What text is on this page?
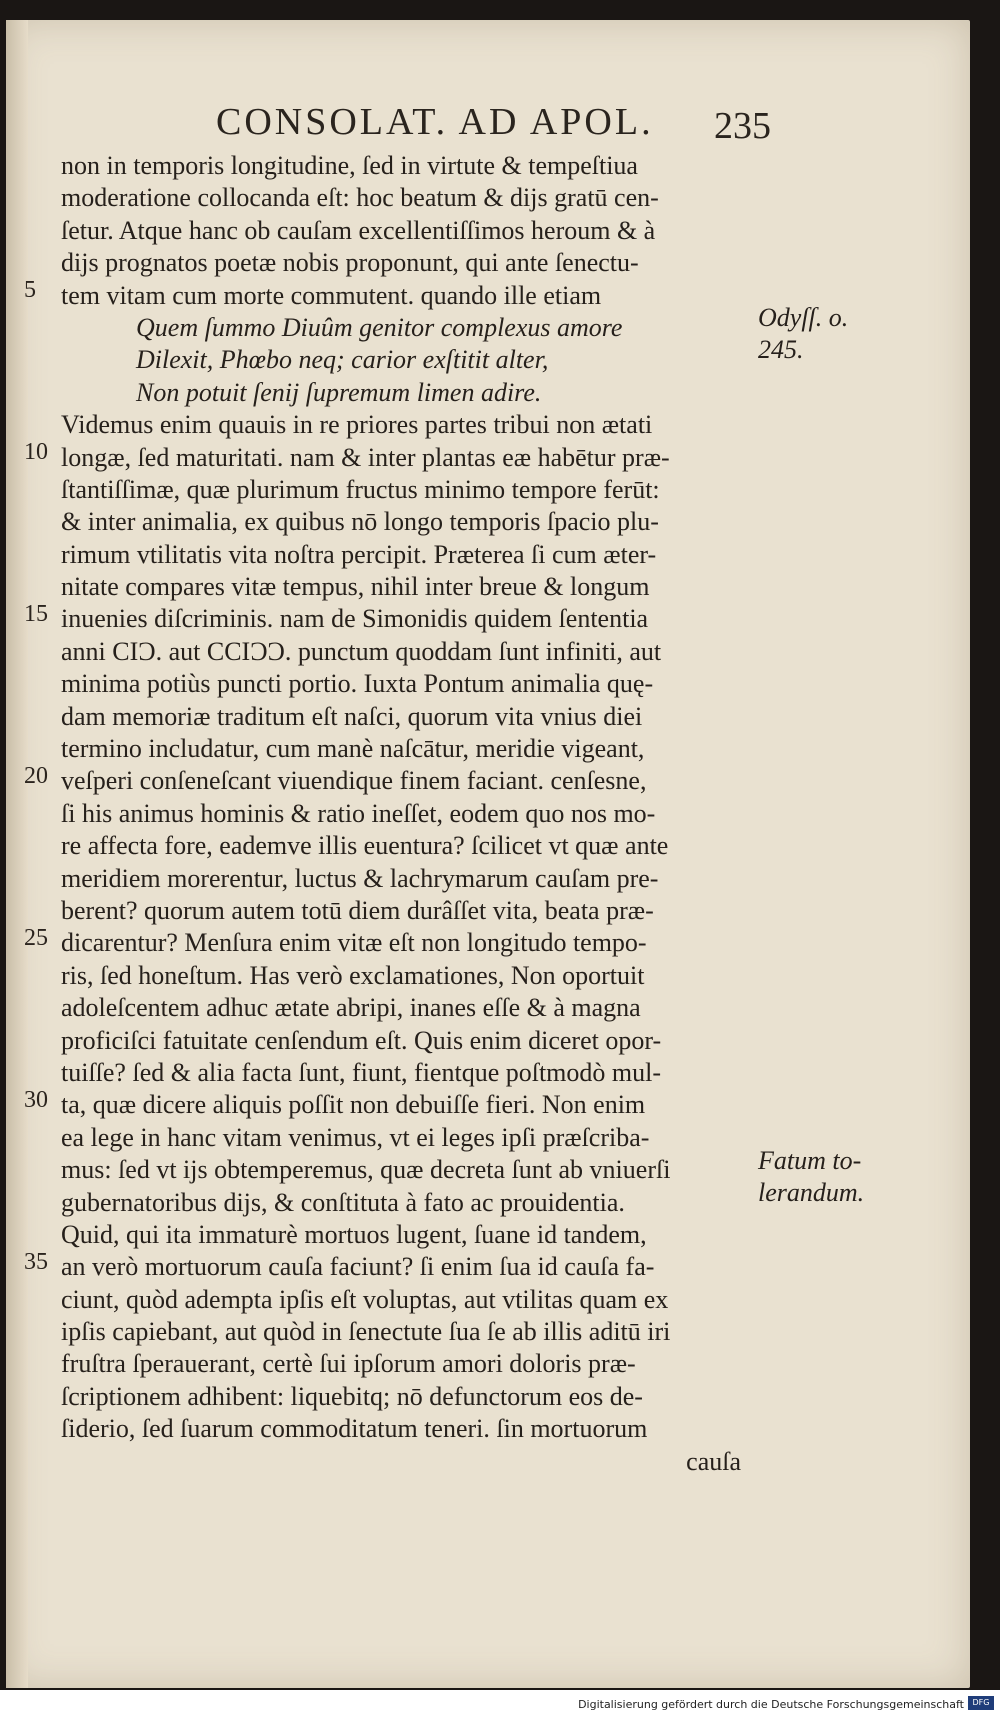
CONSOLAT. AD APOL. 235
non in temporis longitudine, ſed in virtute & tempeſtiua
moderatione collocanda eſt: hoc beatum & dijs gratū cen-
ſetur. Atque hanc ob cauſam excellentiſſimos heroum & à
dijs prognatos poetæ nobis proponunt, qui ante ſenectu-
tem vitam cum morte commutent. quando ille etiam
Quem ſummo Diuûm genitor complexus amore
Dilexit, Phœbo neq; carior exſtitit alter,
Non potuit ſenij ſupremum limen adire.
Videmus enim quauis in re priores partes tribui non ætati
longæ, ſed maturitati. nam & inter plantas eæ habētur præ-
ſtantiſſimæ, quæ plurimum fructus minimo tempore ferūt:
& inter animalia, ex quibus nō longo temporis ſpacio plu-
rimum vtilitatis vita noſtra percipit. Præterea ſi cum æter-
nitate compares vitæ tempus, nihil inter breue & longum
inuenies diſcriminis. nam de Simonidis quidem ſententia
anni CIƆ. aut CCIƆƆ. punctum quoddam ſunt infiniti, aut
minima potiùs puncti portio. Iuxta Pontum animalia quę-
dam memoriæ traditum eſt naſci, quorum vita vnius diei
termino includatur, cum manè naſcātur, meridie vigeant,
veſperi conſeneſcant viuendique finem faciant. cenſesne,
ſi his animus hominis & ratio ineſſet, eodem quo nos mo-
re affecta fore, eademve illis euentura? ſcilicet vt quæ ante
meridiem morerentur, luctus & lachrymarum cauſam pre-
berent? quorum autem totū diem durâſſet vita, beata præ-
dicarentur? Menſura enim vitæ eſt non longitudo tempo-
ris, ſed honeſtum. Has verò exclamationes, Non oportuit
adoleſcentem adhuc ætate abripi, inanes eſſe & à magna
proficiſci fatuitate cenſendum eſt. Quis enim diceret opor-
tuiſſe? ſed & alia facta ſunt, fiunt, fientque poſtmodò mul-
ta, quæ dicere aliquis poſſit non debuiſſe fieri. Non enim
ea lege in hanc vitam venimus, vt ei leges ipſi præſcriba-
mus: ſed vt ijs obtemperemus, quæ decreta ſunt ab vniuerſi
gubernatoribus dijs, & conſtituta à fato ac prouidentia.
Quid, qui ita immaturè mortuos lugent, ſuane id tandem,
an verò mortuorum cauſa faciunt? ſi enim ſua id cauſa fa-
ciunt, quòd adempta ipſis eſt voluptas, aut vtilitas quam ex
ipſis capiebant, aut quòd in ſenectute ſua ſe ab illis aditū iri
fruſtra ſperauerant, certè ſui ipſorum amori doloris præ-
ſcriptionem adhibent: liquebitq; nō defunctorum eos de-
ſiderio, ſed ſuarum commoditatum teneri. ſin mortuorum
cauſa
5
10
15
20
25
30
35
Odyſſ. o.
245.
Fatum to-
lerandum.
Digitalisierung gefördert durch die Deutsche Forschungsgemeinschaft	DFG
